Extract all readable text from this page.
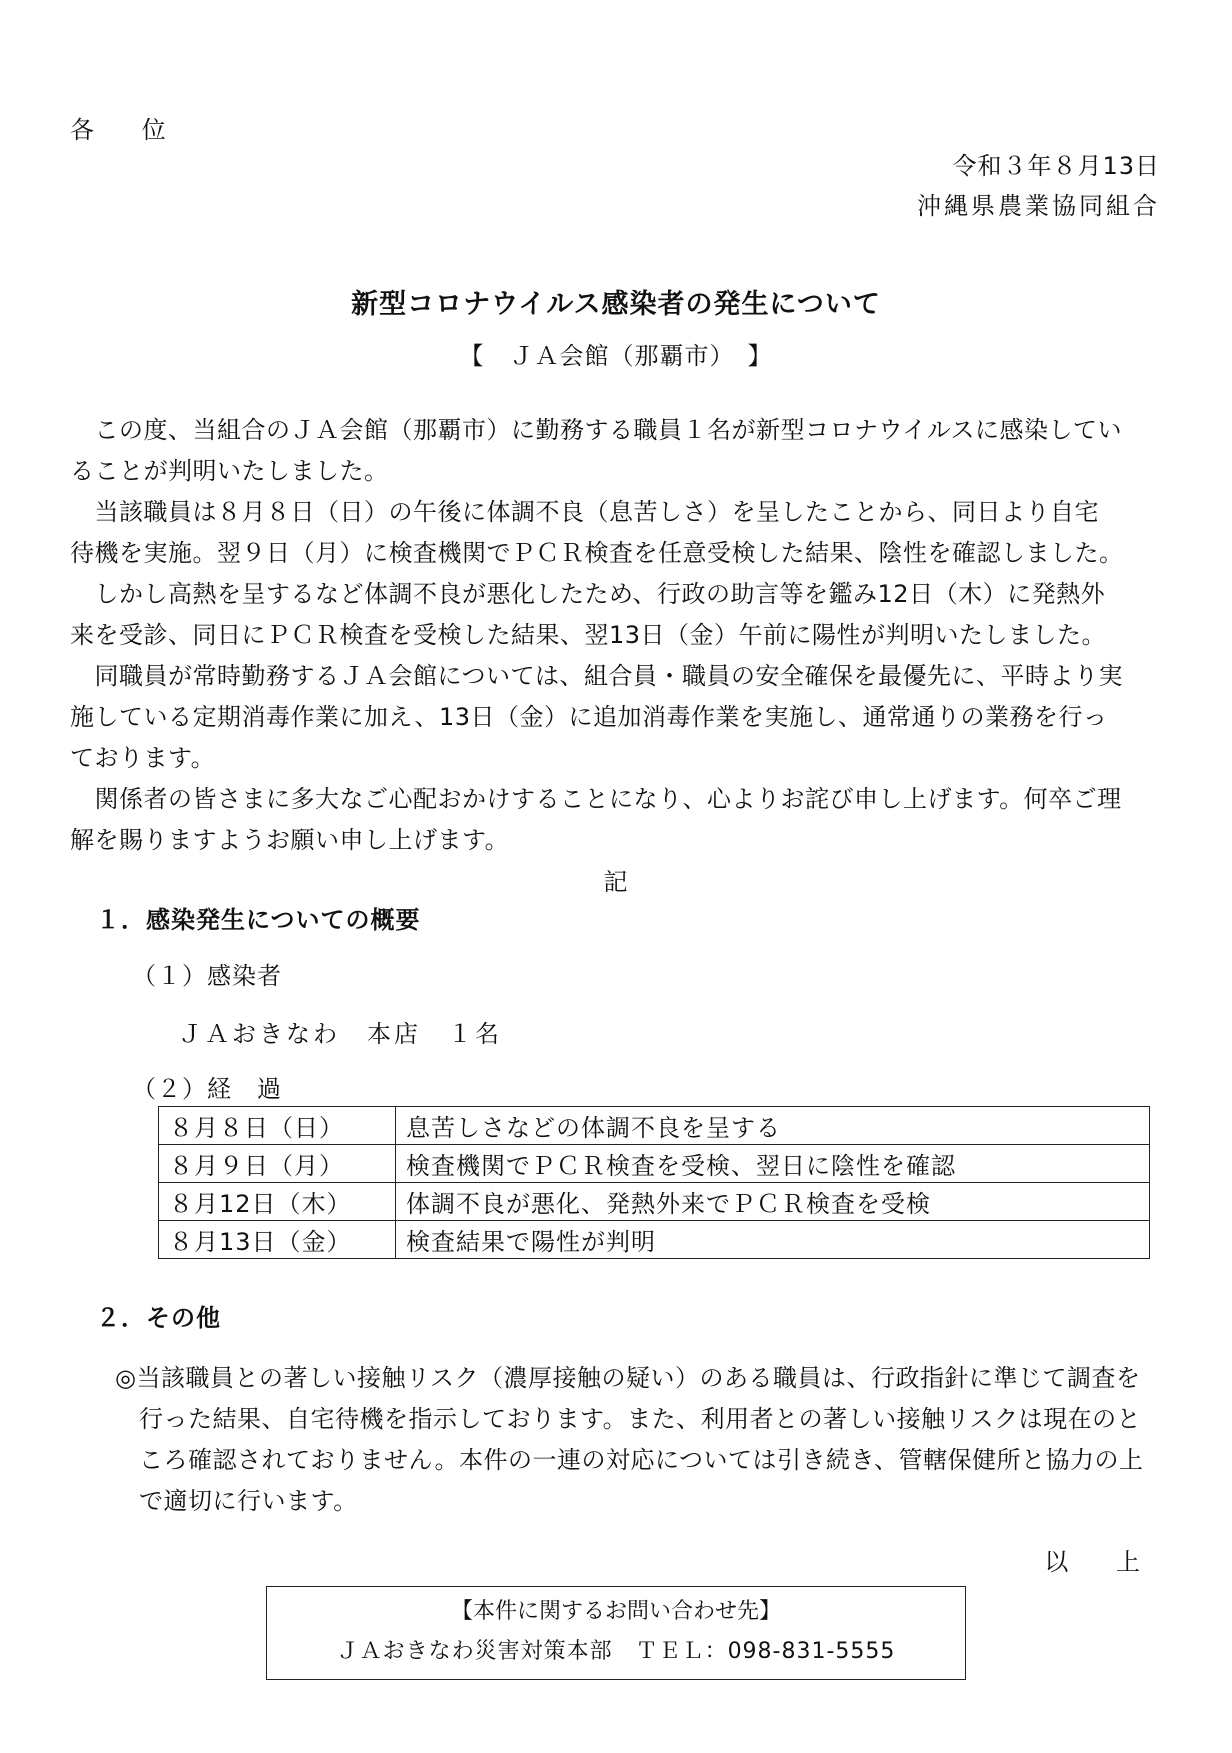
各 位
令和３年８月13日
沖縄県農業協同組合
新型コロナウイルス感染者の発生について
【　ＪＡ会館（那覇市）　】
　この度、当組合のＪＡ会館（那覇市）に勤務する職員１名が新型コロナウイルスに感染してい
ることが判明いたしました。
　当該職員は８月８日（日）の午後に体調不良（息苦しさ）を呈したことから、同日より自宅
待機を実施。翌９日（月）に検査機関でＰＣＲ検査を任意受検した結果、陰性を確認しました。
　しかし高熱を呈するなど体調不良が悪化したため、行政の助言等を鑑み12日（木）に発熱外
来を受診、同日にＰＣＲ検査を受検した結果、翌13日（金）午前に陽性が判明いたしました。
　同職員が常時勤務するＪＡ会館については、組合員・職員の安全確保を最優先に、平時より実
施している定期消毒作業に加え、13日（金）に追加消毒作業を実施し、通常通りの業務を行っ
ております。
　関係者の皆さまに多大なご心配おかけすることになり、心よりお詫び申し上げます。何卒ご理
解を賜りますようお願い申し上げます。
記
１．感染発生についての概要
（１）感染者
ＪＡおきなわ　本店　１名
（２）経　過
８月８日（日）	息苦しさなどの体調不良を呈する
８月９日（月）	検査機関でＰＣＲ検査を受検、翌日に陰性を確認
８月12日（木）	体調不良が悪化、発熱外来でＰＣＲ検査を受検
８月13日（金）	検査結果で陽性が判明
２．その他
◎当該職員との著しい接触リスク（濃厚接触の疑い）のある職員は、行政指針に準じて調査を
行った結果、自宅待機を指示しております。また、利用者との著しい接触リスクは現在のと
ころ確認されておりません。本件の一連の対応については引き続き、管轄保健所と協力の上
で適切に行います。
以 上
【本件に関するお問い合わせ先】
ＪＡおきなわ災害対策本部　ＴＥＬ：098-831-5555
